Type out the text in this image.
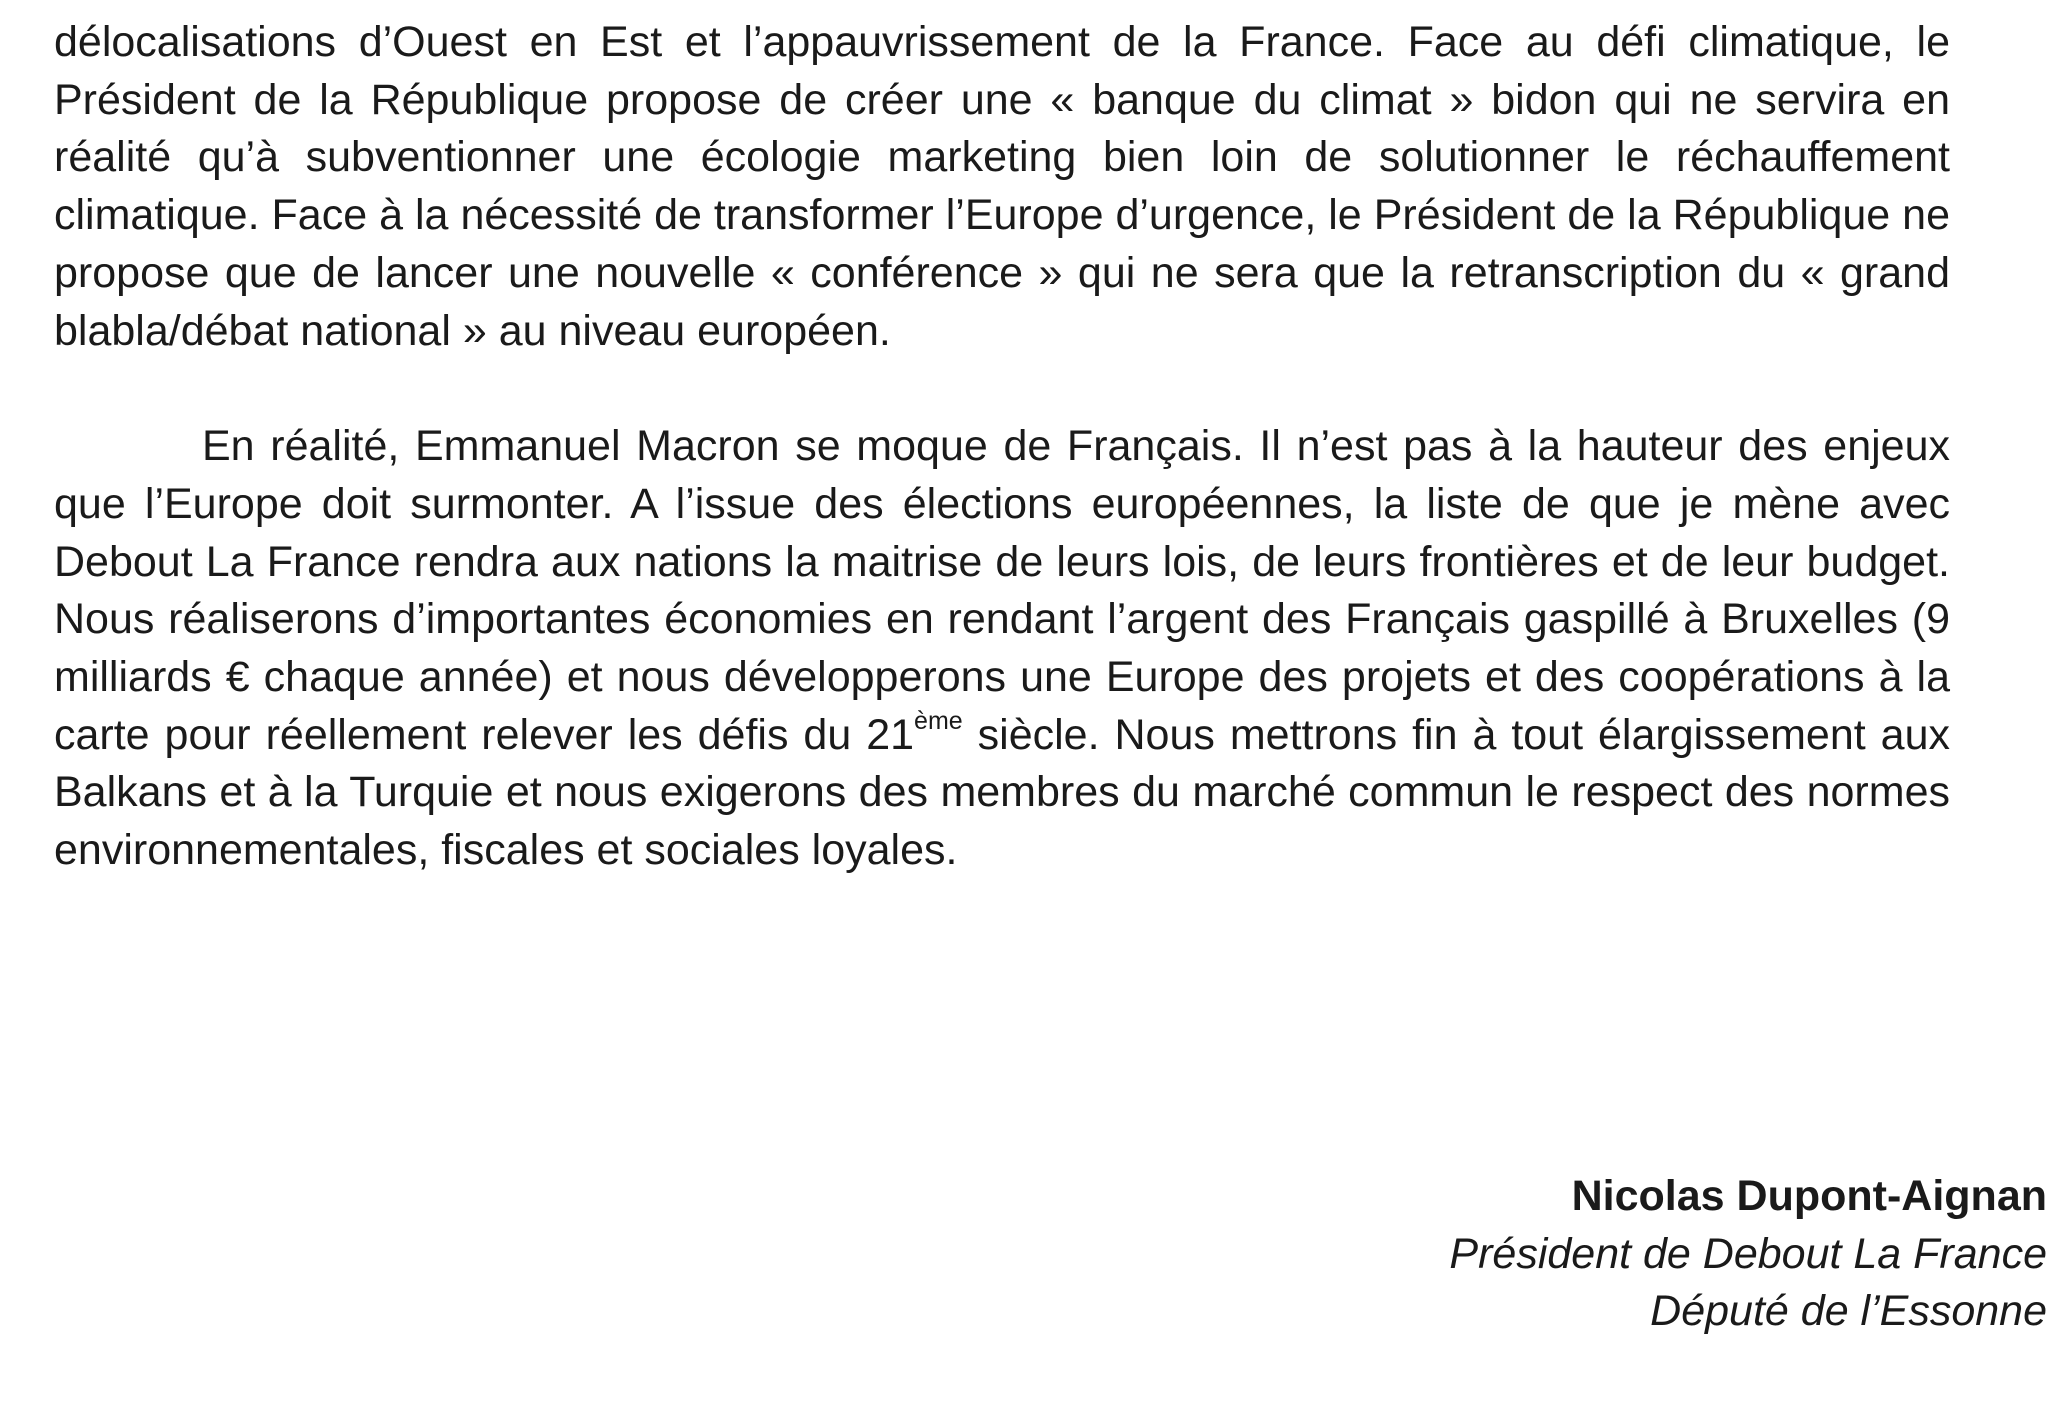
délocalisations d’Ouest en Est et l’appauvrissement de la France. Face au défi climatique, le Président de la République propose de créer une « banque du climat » bidon qui ne servira en réalité qu’à subventionner une écologie marketing bien loin de solutionner le réchauffement climatique. Face à la nécessité de transformer l’Europe d’urgence, le Président de la République ne propose que de lancer une nouvelle « conférence » qui ne sera que la retranscription du « grand blabla/débat national » au niveau européen.

En réalité, Emmanuel Macron se moque de Français. Il n’est pas à la hauteur des enjeux que l’Europe doit surmonter. A l’issue des élections européennes, la liste de que je mène avec Debout La France rendra aux nations la maitrise de leurs lois, de leurs frontières et de leur budget. Nous réaliserons d’importantes économies en rendant l’argent des Français gaspillé à Bruxelles (9 milliards € chaque année) et nous développerons une Europe des projets et des coopérations à la carte pour réellement relever les défis du 21ème siècle. Nous mettrons fin à tout élargissement aux Balkans et à la Turquie et nous exigerons des membres du marché commun le respect des normes environnementales, fiscales et sociales loyales.

Nicolas Dupont-Aignan
Président de Debout La France
Député de l’Essonne
